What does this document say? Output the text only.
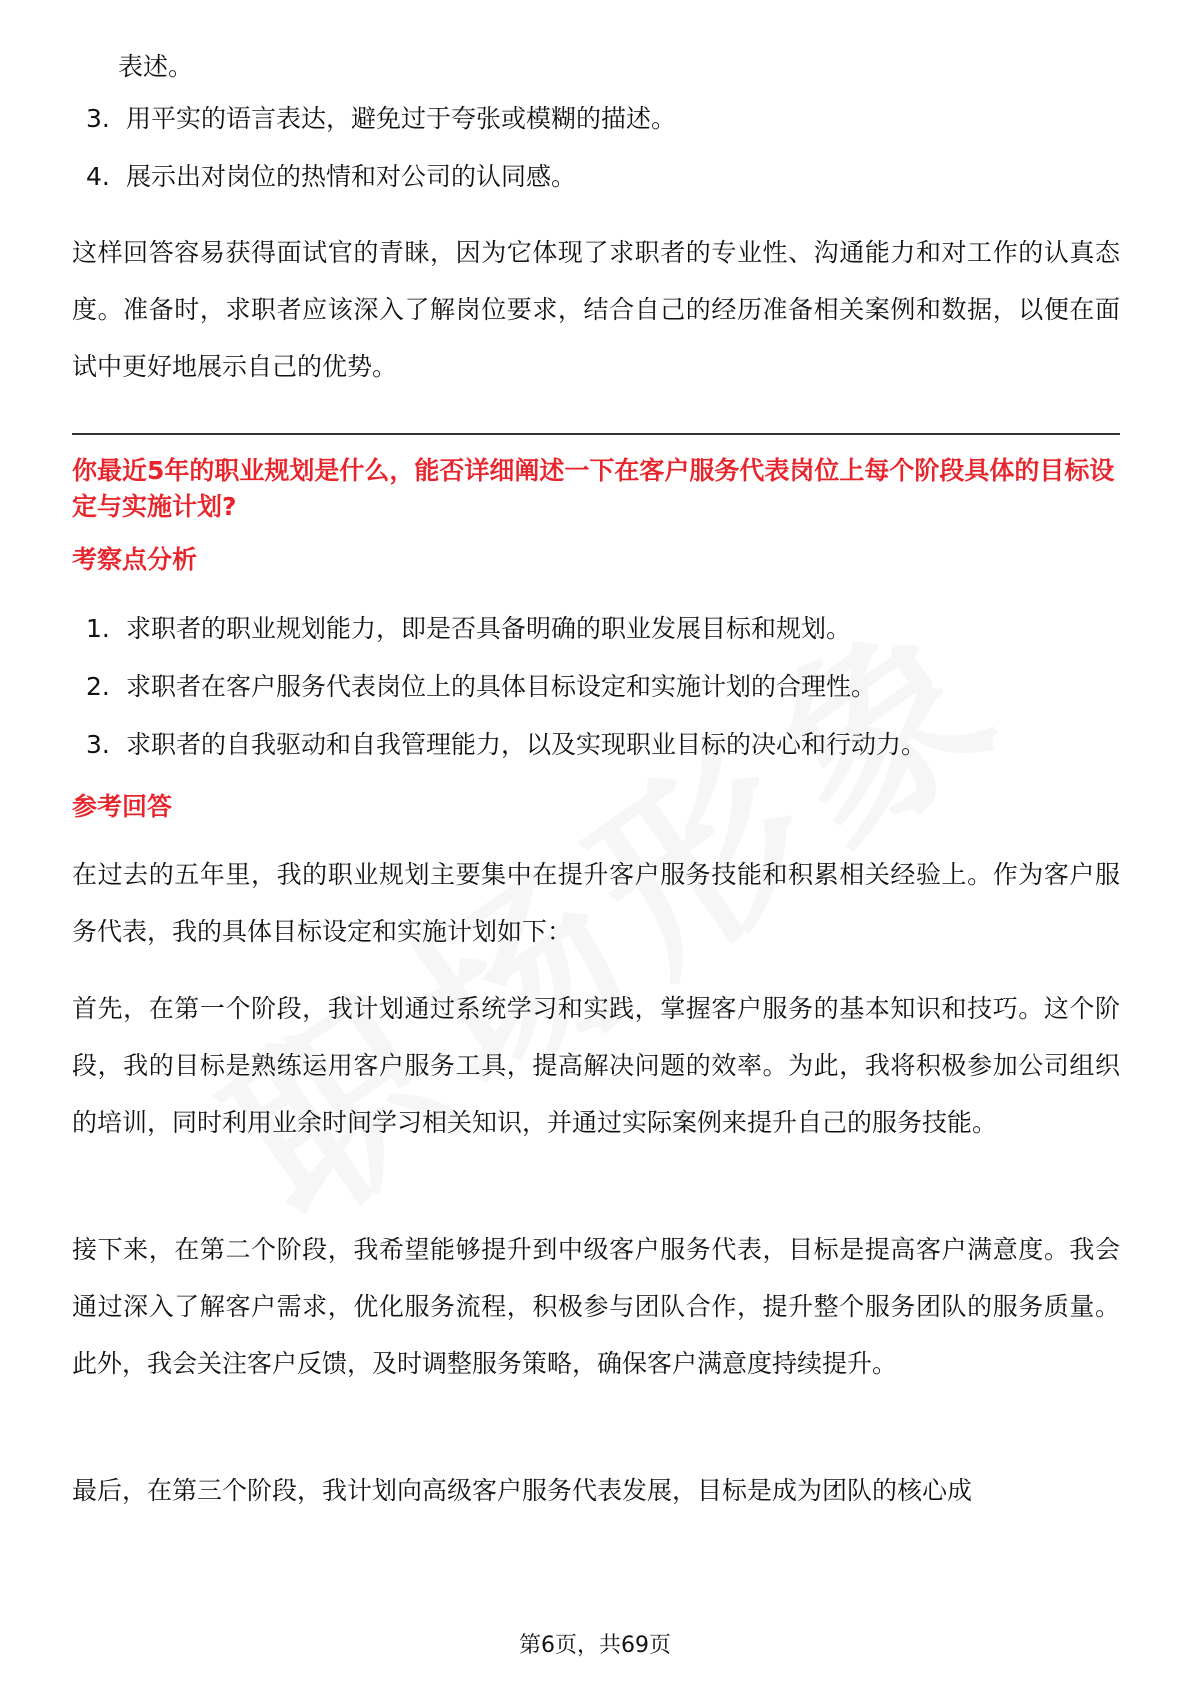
表述。

3. 用平实的语言表达，避免过于夸张或模糊的描述。
4. 展示出对岗位的热情和对公司的认同感。

这样回答容易获得面试官的青睐，因为它体现了求职者的专业性、沟通能力和对工作的认真态度。准备时，求职者应该深入了解岗位要求，结合自己的经历准备相关案例和数据，以便在面试中更好地展示自己的优势。

你最近5年的职业规划是什么，能否详细阐述一下在客户服务代表岗位上每个阶段具体的目标设定与实施计划?

考察点分析

1. 求职者的职业规划能力，即是否具备明确的职业发展目标和规划。
2. 求职者在客户服务代表岗位上的具体目标设定和实施计划的合理性。
3. 求职者的自我驱动和自我管理能力，以及实现职业目标的决心和行动力。

参考回答

在过去的五年里，我的职业规划主要集中在提升客户服务技能和积累相关经验上。作为客户服务代表，我的具体目标设定和实施计划如下：

首先，在第一个阶段，我计划通过系统学习和实践，掌握客户服务的基本知识和技巧。这个阶段，我的目标是熟练运用客户服务工具，提高解决问题的效率。为此，我将积极参加公司组织的培训，同时利用业余时间学习相关知识，并通过实际案例来提升自己的服务技能。

接下来，在第二个阶段，我希望能够提升到中级客户服务代表，目标是提高客户满意度。我会通过深入了解客户需求，优化服务流程，积极参与团队合作，提升整个服务团队的服务质量。此外，我会关注客户反馈，及时调整服务策略，确保客户满意度持续提升。

最后，在第三个阶段，我计划向高级客户服务代表发展，目标是成为团队的核心成

第6页，共69页
